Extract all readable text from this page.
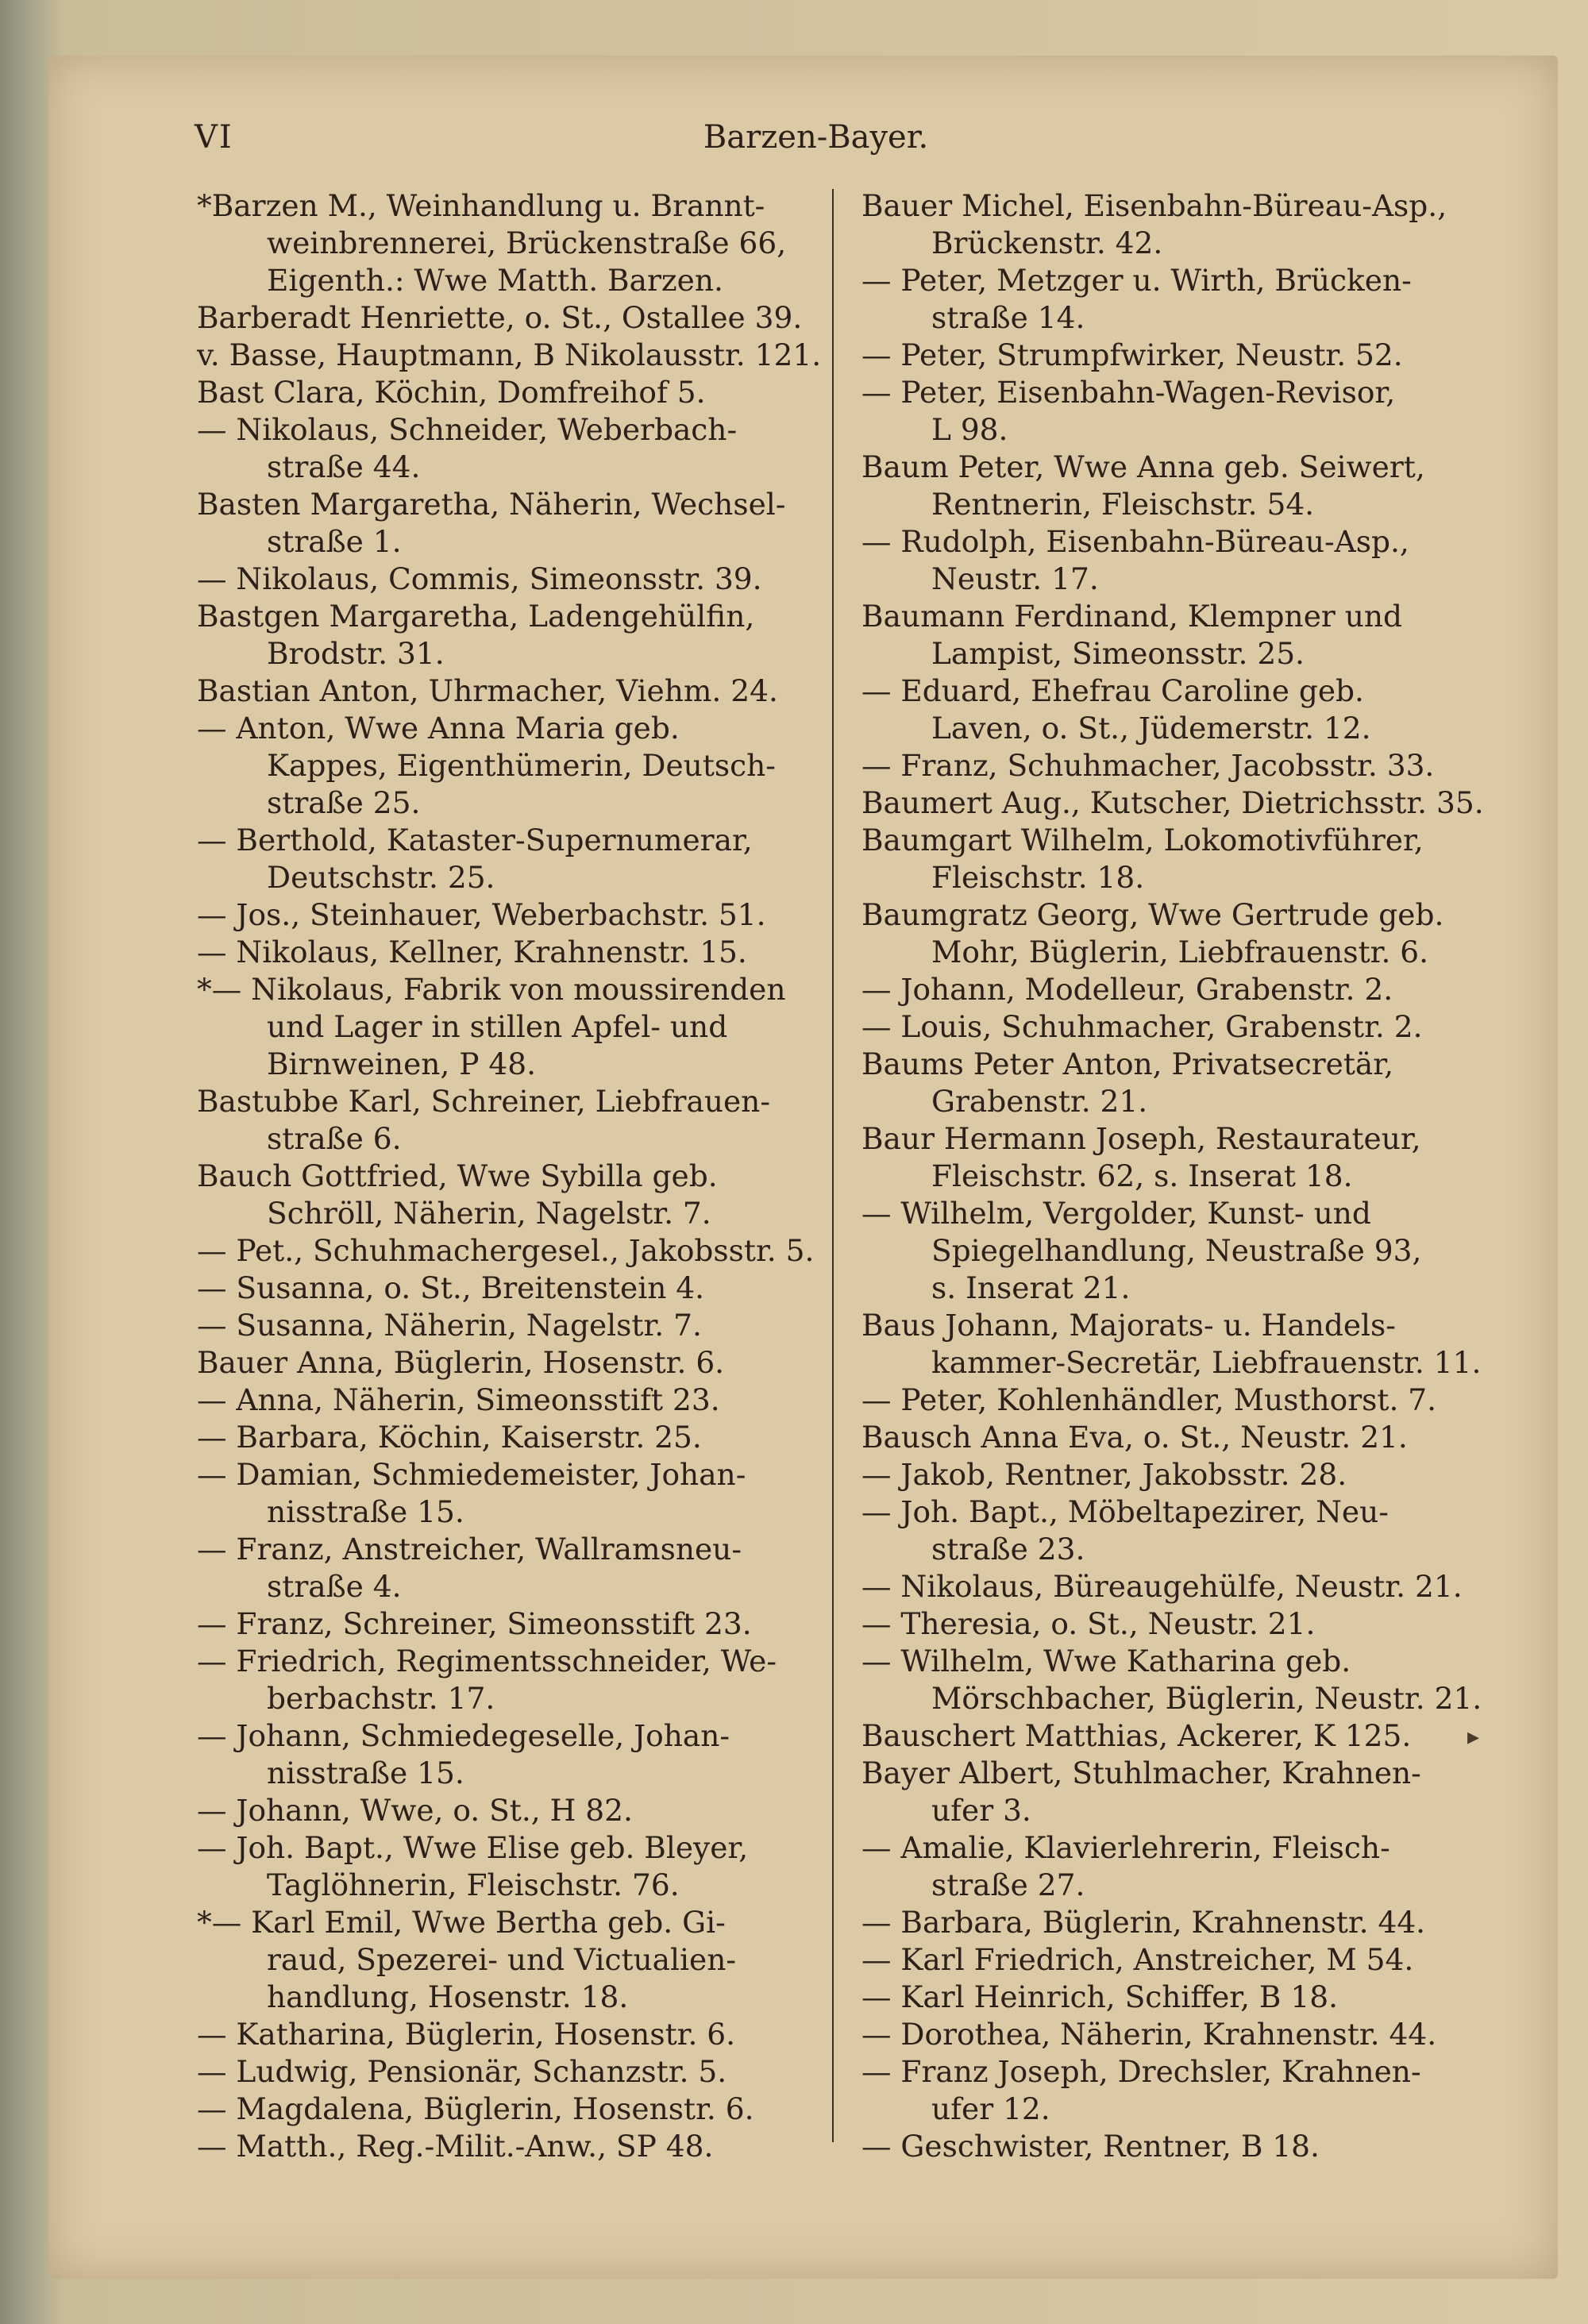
VI	Barzen-Bayer.
*Barzen M., Weinhandlung u. Brannt-
weinbrennerei, Brückenstraße 66,
Eigenth.: Wwe Matth. Barzen.
Barberadt Henriette, o. St., Ostallee 39.
v. Basse, Hauptmann, B Nikolausstr. 121.
Bast Clara, Köchin, Domfreihof 5.
— Nikolaus, Schneider, Weberbach-
straße 44.
Basten Margaretha, Näherin, Wechsel-
straße 1.
— Nikolaus, Commis, Simeonsstr. 39.
Bastgen Margaretha, Ladengehülfin,
Brodstr. 31.
Bastian Anton, Uhrmacher, Viehm. 24.
— Anton, Wwe Anna Maria geb.
Kappes, Eigenthümerin, Deutsch-
straße 25.
— Berthold, Kataster-Supernumerar,
Deutschstr. 25.
— Jos., Steinhauer, Weberbachstr. 51.
— Nikolaus, Kellner, Krahnenstr. 15.
*— Nikolaus, Fabrik von moussirenden
und Lager in stillen Apfel- und
Birnweinen, P 48.
Bastubbe Karl, Schreiner, Liebfrauen-
straße 6.
Bauch Gottfried, Wwe Sybilla geb.
Schröll, Näherin, Nagelstr. 7.
— Pet., Schuhmachergesel., Jakobsstr. 5.
— Susanna, o. St., Breitenstein 4.
— Susanna, Näherin, Nagelstr. 7.
Bauer Anna, Büglerin, Hosenstr. 6.
— Anna, Näherin, Simeonsstift 23.
— Barbara, Köchin, Kaiserstr. 25.
— Damian, Schmiedemeister, Johan-
nisstraße 15.
— Franz, Anstreicher, Wallramsneu-
straße 4.
— Franz, Schreiner, Simeonsstift 23.
— Friedrich, Regimentsschneider, We-
berbachstr. 17.
— Johann, Schmiedegeselle, Johan-
nisstraße 15.
— Johann, Wwe, o. St., H 82.
— Joh. Bapt., Wwe Elise geb. Bleyer,
Taglöhnerin, Fleischstr. 76.
*— Karl Emil, Wwe Bertha geb. Gi-
raud, Spezerei- und Victualien-
handlung, Hosenstr. 18.
— Katharina, Büglerin, Hosenstr. 6.
— Ludwig, Pensionär, Schanzstr. 5.
— Magdalena, Büglerin, Hosenstr. 6.
— Matth., Reg.-Milit.-Anw., SP 48.
Bauer Michel, Eisenbahn-Büreau-Asp.,
Brückenstr. 42.
— Peter, Metzger u. Wirth, Brücken-
straße 14.
— Peter, Strumpfwirker, Neustr. 52.
— Peter, Eisenbahn-Wagen-Revisor,
L 98.
Baum Peter, Wwe Anna geb. Seiwert,
Rentnerin, Fleischstr. 54.
— Rudolph, Eisenbahn-Büreau-Asp.,
Neustr. 17.
Baumann Ferdinand, Klempner und
Lampist, Simeonsstr. 25.
— Eduard, Ehefrau Caroline geb.
Laven, o. St., Jüdemerstr. 12.
— Franz, Schuhmacher, Jacobsstr. 33.
Baumert Aug., Kutscher, Dietrichsstr. 35.
Baumgart Wilhelm, Lokomotivführer,
Fleischstr. 18.
Baumgratz Georg, Wwe Gertrude geb.
Mohr, Büglerin, Liebfrauenstr. 6.
— Johann, Modelleur, Grabenstr. 2.
— Louis, Schuhmacher, Grabenstr. 2.
Baums Peter Anton, Privatsecretär,
Grabenstr. 21.
Baur Hermann Joseph, Restaurateur,
Fleischstr. 62, s. Inserat 18.
— Wilhelm, Vergolder, Kunst- und
Spiegelhandlung, Neustraße 93,
s. Inserat 21.
Baus Johann, Majorats- u. Handels-
kammer-Secretär, Liebfrauenstr. 11.
— Peter, Kohlenhändler, Musthorst. 7.
Bausch Anna Eva, o. St., Neustr. 21.
— Jakob, Rentner, Jakobsstr. 28.
— Joh. Bapt., Möbeltapezirer, Neu-
straße 23.
— Nikolaus, Büreaugehülfe, Neustr. 21.
— Theresia, o. St., Neustr. 21.
— Wilhelm, Wwe Katharina geb.
Mörschbacher, Büglerin, Neustr. 21.
Bauschert Matthias, Ackerer, K 125.
Bayer Albert, Stuhlmacher, Krahnen-
ufer 3.
— Amalie, Klavierlehrerin, Fleisch-
straße 27.
— Barbara, Büglerin, Krahnenstr. 44.
— Karl Friedrich, Anstreicher, M 54.
— Karl Heinrich, Schiffer, B 18.
— Dorothea, Näherin, Krahnenstr. 44.
— Franz Joseph, Drechsler, Krahnen-
ufer 12.
— Geschwister, Rentner, B 18.
▸
